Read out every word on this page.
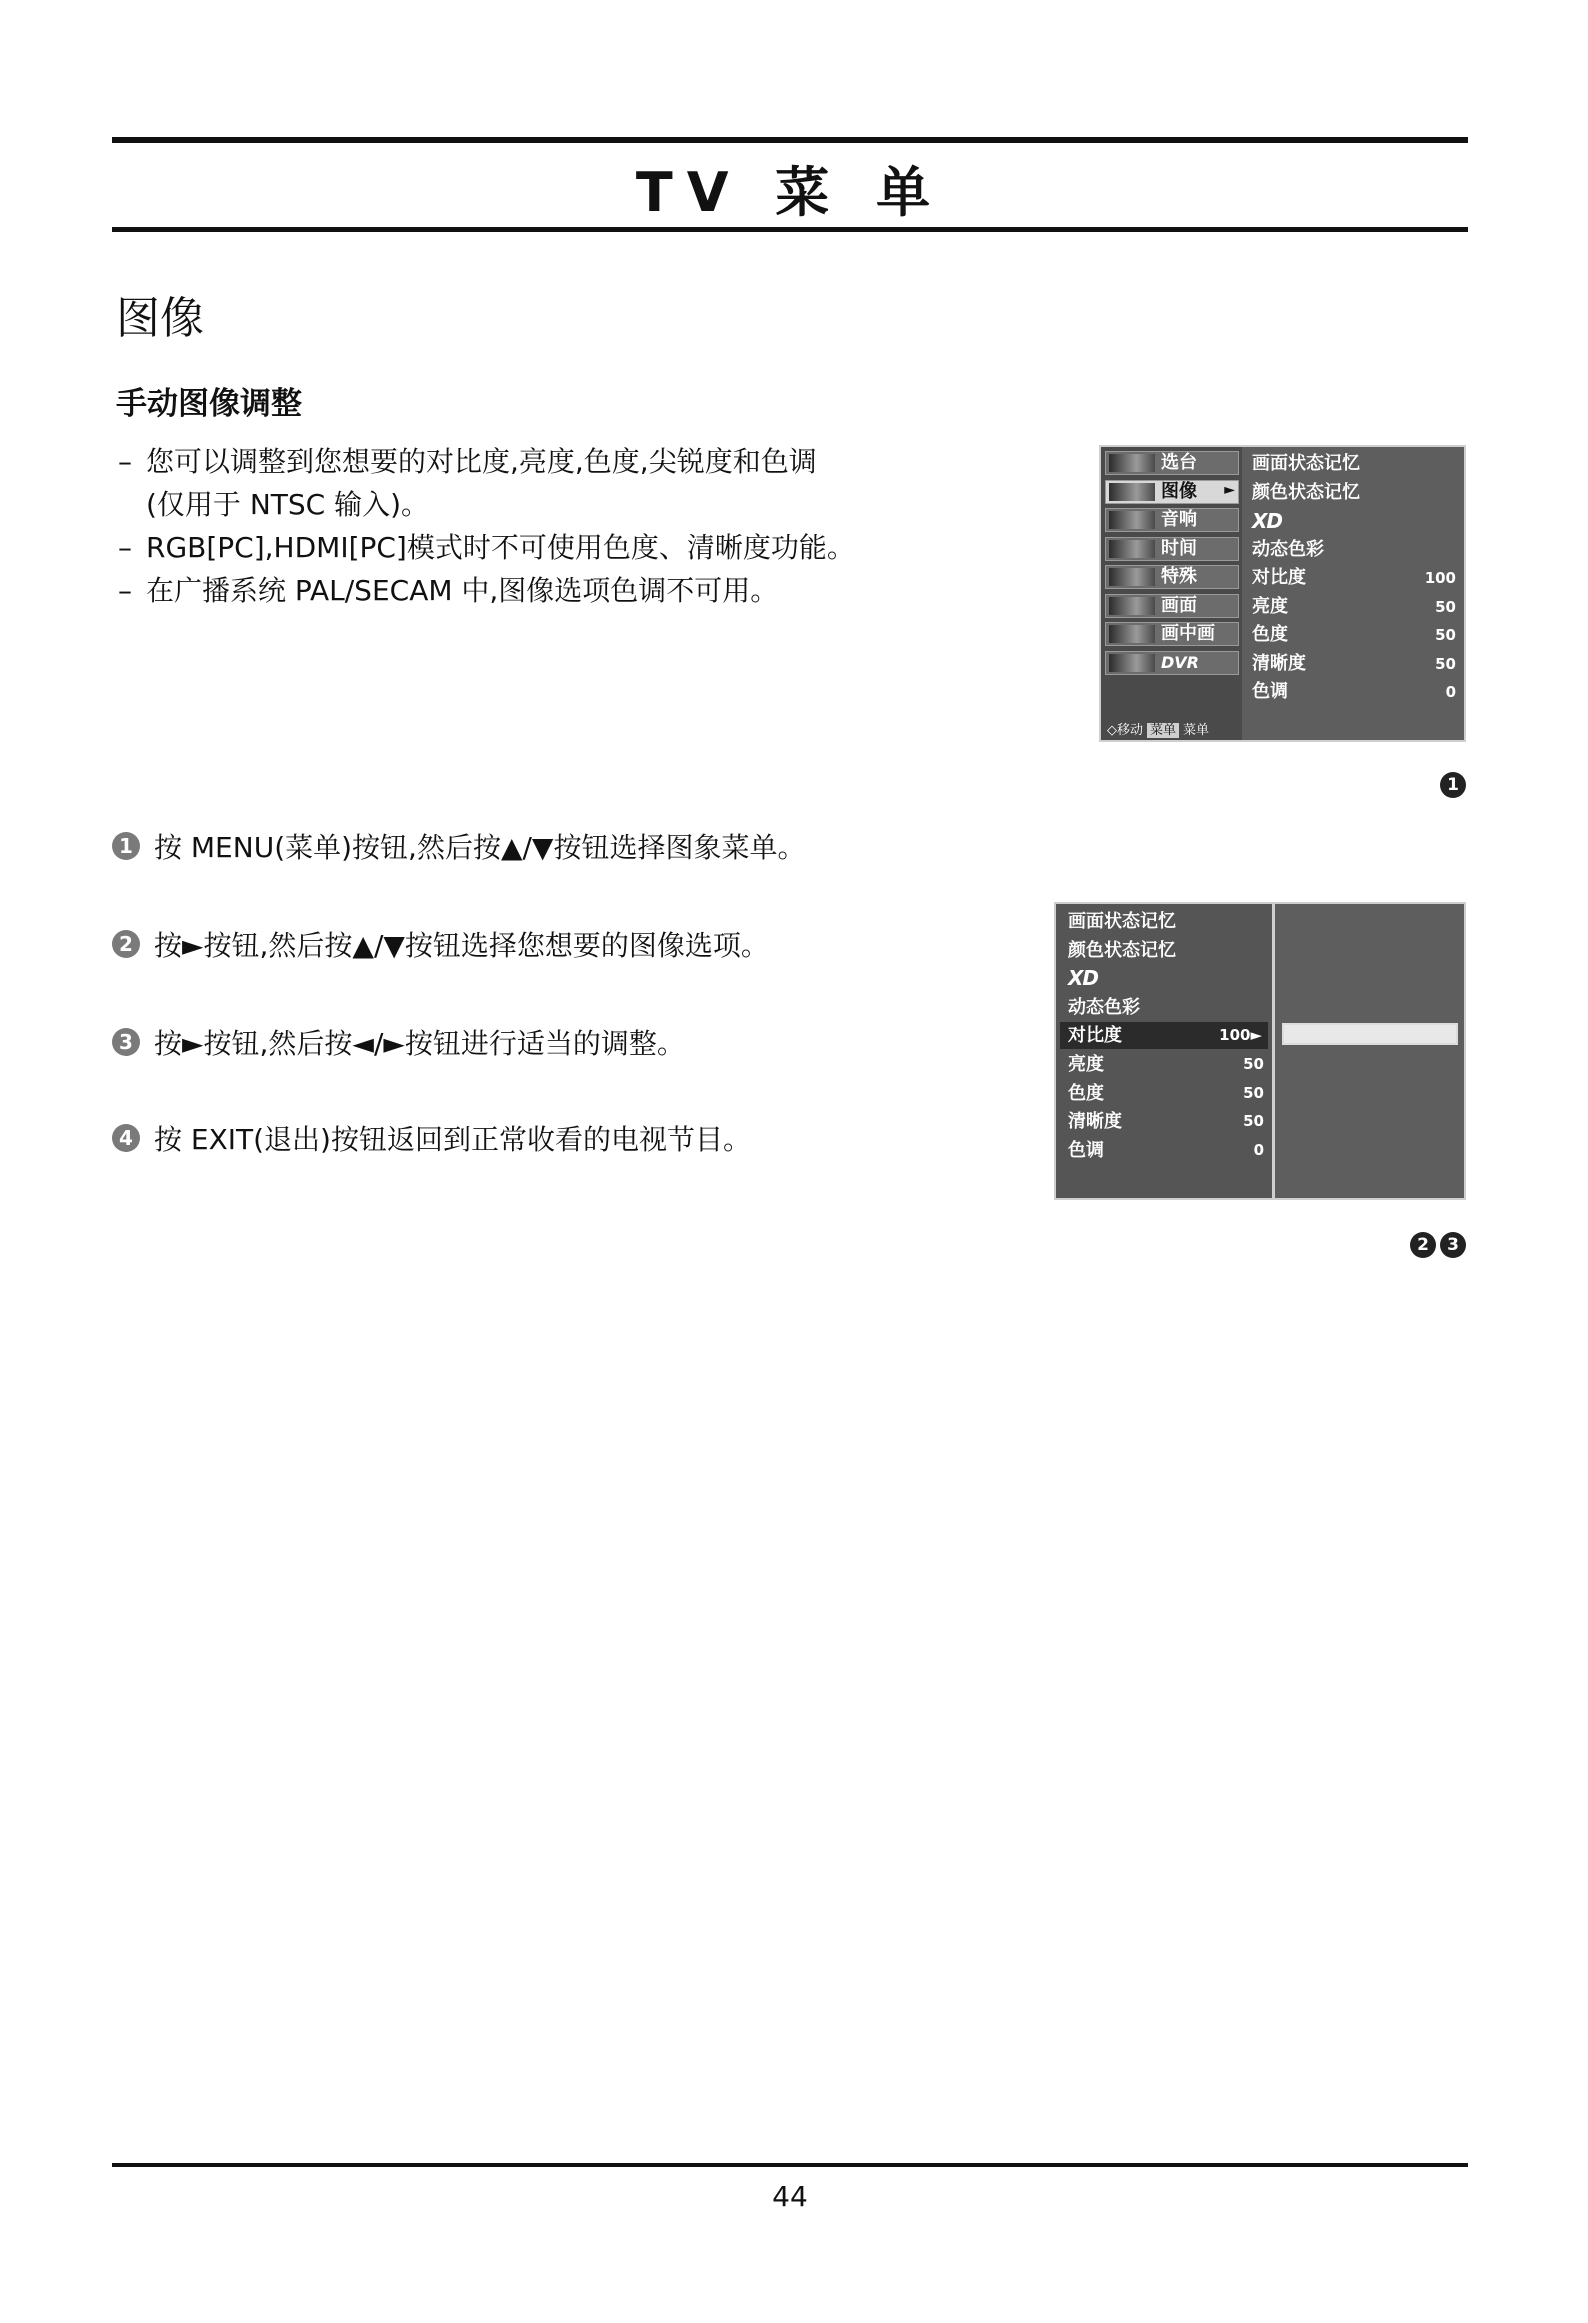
TV 菜 单
图像
手动图像调整
– 您可以调整到您想要的对比度,亮度,色度,尖锐度和色调
(仅用于 NTSC 输入)。
– RGB[PC],HDMI[PC]模式时不可使用色度、清晰度功能。
– 在广播系统 PAL/SECAM 中,图像选项色调不可用。
选台
图像 ►
音响
时间
特殊
画面
画中画
DVR
◇移动 菜单 菜单
画面状态记忆
颜色状态记忆
XD
动态色彩
对比度	100
亮度	50
色度	50
清晰度	50
色调	0
1
画面状态记忆
颜色状态记忆
XD
动态色彩
对比度	100►
亮度	50
色度	50
清晰度	50
色调	0
2	3
1 按 MENU(菜单)按钮,然后按▲/▼按钮选择图象菜单。
2 按►按钮,然后按▲/▼按钮选择您想要的图像选项。
3 按►按钮,然后按◄/►按钮进行适当的调整。
4 按 EXIT(退出)按钮返回到正常收看的电视节目。
44
